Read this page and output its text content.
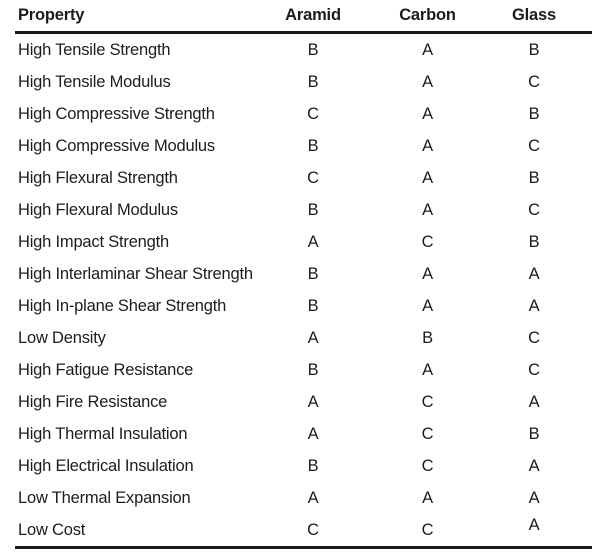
Property	Aramid	Carbon	Glass
High Tensile Strength	B	A	B
High Tensile Modulus	B	A	C
High Compressive Strength	C	A	B
High Compressive Modulus	B	A	C
High Flexural Strength	C	A	B
High Flexural Modulus	B	A	C
High Impact Strength	A	C	B
High Interlaminar Shear Strength	B	A	A
High In-plane Shear Strength	B	A	A
Low Density	A	B	C
High Fatigue Resistance	B	A	C
High Fire Resistance	A	C	A
High Thermal Insulation	A	C	B
High Electrical Insulation	B	C	A
Low Thermal Expansion	A	A	A
Low Cost	C	C	A
